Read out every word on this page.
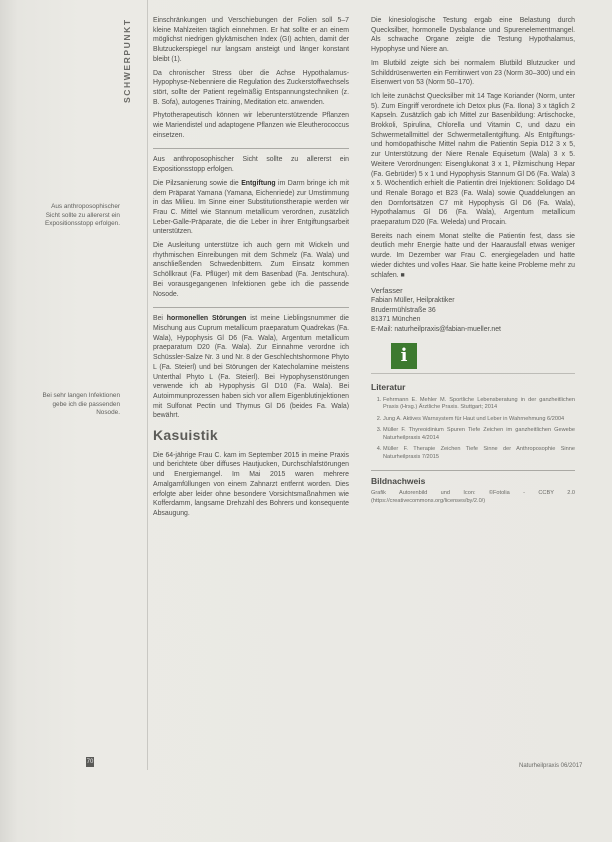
SCHWERPUNKT
Aus anthroposophischer Sicht sollte zu allererst ein Expositionsstopp erfolgen.
Bei sehr langen Infektionen gebe ich die passenden Nosode.

Einschränkungen und Verschiebungen der Folien soll 5–7 kleine Mahlzeiten täglich einnehmen. Er hat sollte er an einem möglichst niedrigen glykämischen Index (GI) achten, damit der Blutzuckerspiegel nur langsam ansteigt und länger konstant bleibt (1).

Da chronischer Stress über die Achse Hypothalamus-Hypophyse-Nebenniere die Regulation des Zuckerstoffwechsels stört, sollte der Patient regelmäßig Entspannungstechniken (z. B. Sofa), autogenes Training, Meditation etc. anwenden.

Phytotherapeutisch können wir leberunterstützende Pflanzen wie Mariendistel und adaptogene Pflanzen wie Eleutherococcus einsetzen.

Aus anthroposophischer Sicht sollte zu allererst ein Expositionsstopp erfolgen.

Die Pilzsanierung sowie die Entgiftung im Darm bringe ich mit dem Präparat Yamana (Yamana, Eichenriede) zur Umstimmung in das Milieu. Im Sinne einer Substitutionstherapie werden wir Frau C. Mittel wie Stannum metallicum verordnen, zusätzlich Leber-Galle-Präparate, die die Leber in ihrer Entgiftungsarbeit unterstützen.

Die Ausleitung unterstütze ich auch gern mit Wickeln und rhythmischen Einreibungen mit dem Schmelz (Fa. Wala) und anschließenden Schwedenbittern. Zum Einsatz kommen Schöllkraut (Fa. Pflüger) mit dem Basenbad (Fa. Jentschura). Bei vorausgegangenen Infektionen gebe ich die passende Nosode.

Bei hormonellen Störungen ist meine Lieblingsnummer die Mischung aus Cuprum metallicum praeparatum Quadrekas (Fa. Wala), Hypophysis Gl D6 (Fa. Wala), Argentum metallicum praeparatum D20 (Fa. Wala). Zur Einnahme verordne ich Schüssler-Salze Nr. 3 und Nr. 8 der Geschlechtshormone Phyto L (Fa. Steierl) und bei Störungen der Katecholamine meistens Unterthal Phyto L (Fa. Steierl). Bei Hypophysenstörungen verwende ich ab Hypophysis Gl D10 (Fa. Wala). Bei Autoimmunprozessen haben sich vor allem Eigenblutinjektionen mit Sulfonat Pectin und Thymus Gl D6 (beides Fa. Wala) bewährt.

Kasuistik

Die 64-jährige Frau C. kam im September 2015 in meine Praxis und berichtete über diffuses Hautjucken, Durchschlafstörungen und Energiemangel. Im Mai 2015 waren mehrere Amalgamfüllungen von einem Zahnarzt entfernt worden. Dies erfolgte aber leider ohne besondere Vorsichtsmaßnahmen wie Kofferdamm, langsame Drehzahl des Bohrers und konsequente Absaugung.

Die kinesiologische Testung ergab eine Belastung durch Quecksilber, hormonelle Dysbalance und Spurenelementmangel. Als schwache Organe zeigte die Testung Hypothalamus, Hypophyse und Niere an.

Im Blutbild zeigte sich bei normalem Blutbild Blutzucker und Schilddrüsenwerten ein Ferritinwert von 23 (Norm 30–300) und ein Eisenwert von 53 (Norm 50–170).

Ich leite zunächst Quecksilber mit 14 Tage Koriander (Norm, unter 5). Zum Eingriff verordnete ich Detox plus (Fa. Ilona) 3 x täglich 2 Kapseln. Zusätzlich gab ich Mittel zur Basenbildung: Artischocke, Brokkoli, Spirulina, Chlorella und Vitamin C, und dazu ein Schwermetallmittel der Schwermetallentgiftung. Als Entgiftungs- und homöopathische Mittel nahm die Patientin Sepia D12 3 x 5, zur Unterstützung der Niere Renale Equisetum (Wala) 3 x 5. Weitere Verordnungen: Eisenglukonat 3 x 1, Pilzmischung Hepar (Fa. Gebrüder) 5 x 1 und Hypophysis Stannum Gl D6 (Fa. Wala) 3 x 5. Wöchentlich erhielt die Patientin drei Injektionen: Solidago D4 und Renale Borago et B23 (Fa. Wala) sowie Quaddelungen an den Dornfortsätzen C7 mit Hypophysis Gl D6 (Fa. Wala), Hypothalamus Gl D6 (Fa. Wala), Argentum metallicum praeparatum D20 (Fa. Weleda) und Procain.

Bereits nach einem Monat stellte die Patientin fest, dass sie deutlich mehr Energie hatte und der Haarausfall etwas weniger wurde. Im Dezember war Frau C. energiegeladen und hatte wieder dichtes und volles Haar. Sie hatte keine Probleme mehr zu schlafen. ■

Verfasser
Fabian Müller, Heilpraktiker
Brudermühlstraße 36
81371 München
E-Mail: naturheilpraxis@fabian-mueller.net
i
Literatur
1. Fehrmann E. Mehler M. Sportliche Lebensberatung in der ganzheitlichen Praxis (Hrsg.) Ärztliche Praxis. Stuttgart; 2014
2. Jung A. Aktives Warnsystem für Haut und Leber in Wahrnehmung 6/2004
3. Müller F. Thyreoidinium Spuren Tiefe Zeichen im ganzheitlichen Gewebe Naturheilpraxis 4/2014
4. Müller F. Therapie Zeichen Tiefe Sinne der Anthroposophie Sinne Naturheilpraxis 7/2015
Bildnachweis
Grafik Autorenbild und Icon: ©Fotolia - CCBY 2.0 (https://creativecommons.org/licenses/by/2.0/)
70
Naturheilpraxis 06/2017
